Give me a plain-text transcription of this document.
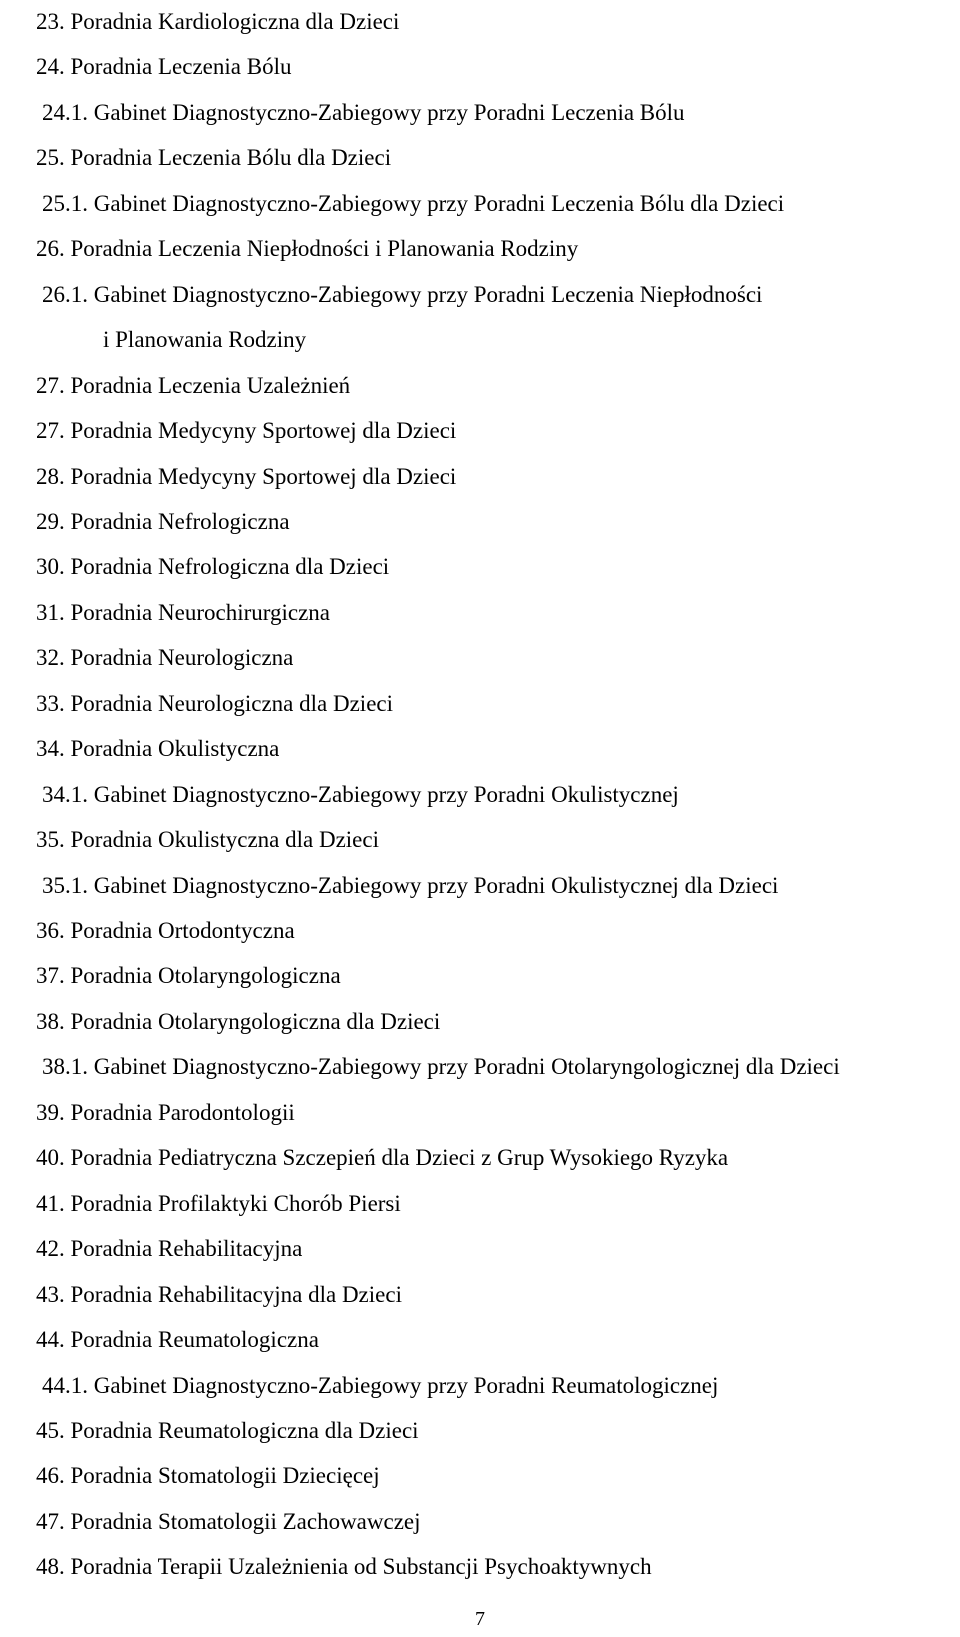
23. Poradnia Kardiologiczna dla Dzieci
24. Poradnia Leczenia Bólu
24.1. Gabinet Diagnostyczno-Zabiegowy przy Poradni Leczenia Bólu
25. Poradnia Leczenia Bólu dla Dzieci
25.1. Gabinet Diagnostyczno-Zabiegowy przy Poradni Leczenia Bólu dla Dzieci
26. Poradnia Leczenia Niepłodności i Planowania Rodziny
26.1. Gabinet Diagnostyczno-Zabiegowy przy Poradni Leczenia Niepłodności
i Planowania Rodziny
27. Poradnia Leczenia Uzależnień
27. Poradnia Medycyny Sportowej dla Dzieci
28. Poradnia Medycyny Sportowej dla Dzieci
29. Poradnia Nefrologiczna
30. Poradnia Nefrologiczna dla Dzieci
31. Poradnia Neurochirurgiczna
32. Poradnia Neurologiczna
33. Poradnia Neurologiczna dla Dzieci
34. Poradnia Okulistyczna
34.1. Gabinet Diagnostyczno-Zabiegowy przy Poradni Okulistycznej
35. Poradnia Okulistyczna dla Dzieci
35.1. Gabinet Diagnostyczno-Zabiegowy przy Poradni Okulistycznej dla Dzieci
36. Poradnia Ortodontyczna
37. Poradnia Otolaryngologiczna
38. Poradnia Otolaryngologiczna dla Dzieci
38.1. Gabinet Diagnostyczno-Zabiegowy przy Poradni Otolaryngologicznej dla Dzieci
39. Poradnia Parodontologii
40. Poradnia Pediatryczna Szczepień dla Dzieci z Grup Wysokiego Ryzyka
41. Poradnia Profilaktyki Chorób Piersi
42. Poradnia Rehabilitacyjna
43. Poradnia Rehabilitacyjna dla Dzieci
44. Poradnia Reumatologiczna
44.1. Gabinet Diagnostyczno-Zabiegowy przy Poradni Reumatologicznej
45. Poradnia Reumatologiczna dla Dzieci
46. Poradnia Stomatologii Dziecięcej
47. Poradnia Stomatologii Zachowawczej
48. Poradnia Terapii Uzależnienia od Substancji Psychoaktywnych
7
